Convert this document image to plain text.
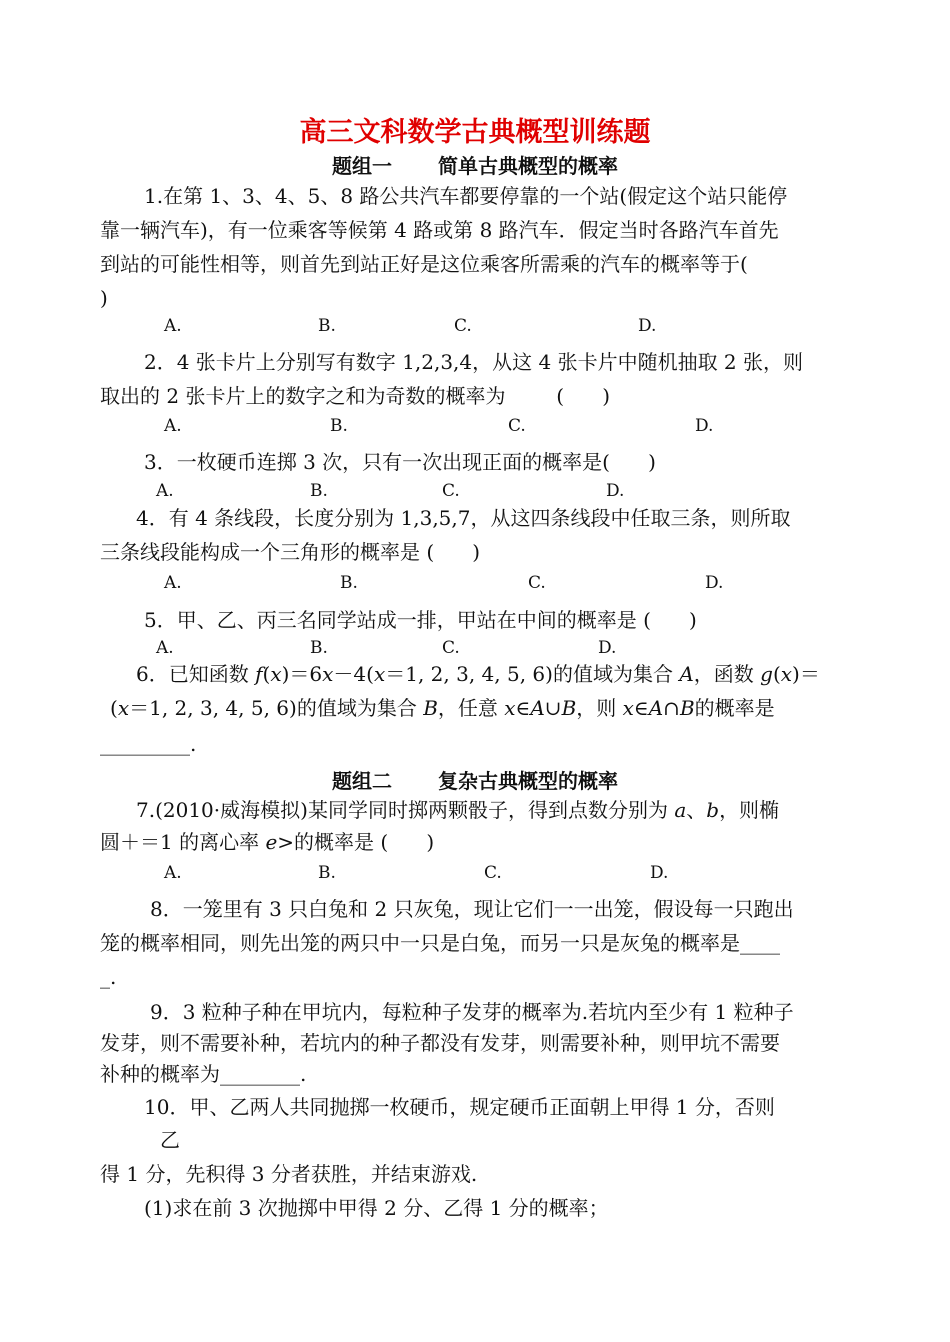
高三文科数学古典概型训练题
题组一 简单古典概型的概率
1.在第 1、3、4、5、8 路公共汽车都要停靠的一个站(假定这个站只能停
靠一辆汽车)，有一位乘客等候第 4 路或第 8 路汽车．假定当时各路汽车首先
到站的可能性相等，则首先到站正好是这位乘客所需乘的汽车的概率等于(
)
A.	B.	C.	D.
2．4 张卡片上分别写有数字 1,2,3,4，从这 4 张卡片中随机抽取 2 张，则
取出的 2 张卡片上的数字之和为奇数的概率为        (      )
A.	B.	C.	D.
3．一枚硬币连掷 3 次，只有一次出现正面的概率是(      )
A.	B.	C.	D.
4．有 4 条线段，长度分别为 1,3,5,7，从这四条线段中任取三条，则所取
三条线段能构成一个三角形的概率是 (      )
A.	B.	C.	D.
5．甲、乙、丙三名同学站成一排，甲站在中间的概率是 (      )
A.	B.	C.	D.
6．已知函数 f(x)＝6x－4(x＝1, 2, 3, 4, 5, 6)的值域为集合 A，函数 g(x)＝
(x＝1, 2, 3, 4, 5, 6)的值域为集合 B，任意 x∈A∪B，则 x∈A∩B的概率是
_________.
题组二 复杂古典概型的概率
7.(2010·威海模拟)某同学同时掷两颗骰子，得到点数分别为 a、b，则椭
圆＋＝1 的离心率 e>的概率是 (      )
A.	B.	C.	D.
8．一笼里有 3 只白兔和 2 只灰兔，现让它们一一出笼，假设每一只跑出
笼的概率相同，则先出笼的两只中一只是白兔，而另一只是灰兔的概率是____
_.
9．3 粒种子种在甲坑内，每粒种子发芽的概率为.若坑内至少有 1 粒种子
发芽，则不需要补种，若坑内的种子都没有发芽，则需要补种，则甲坑不需要
补种的概率为________.
10．甲、乙两人共同抛掷一枚硬币，规定硬币正面朝上甲得 1 分，否则
乙
得 1 分，先积得 3 分者获胜，并结束游戏.
(1)求在前 3 次抛掷中甲得 2 分、乙得 1 分的概率；
